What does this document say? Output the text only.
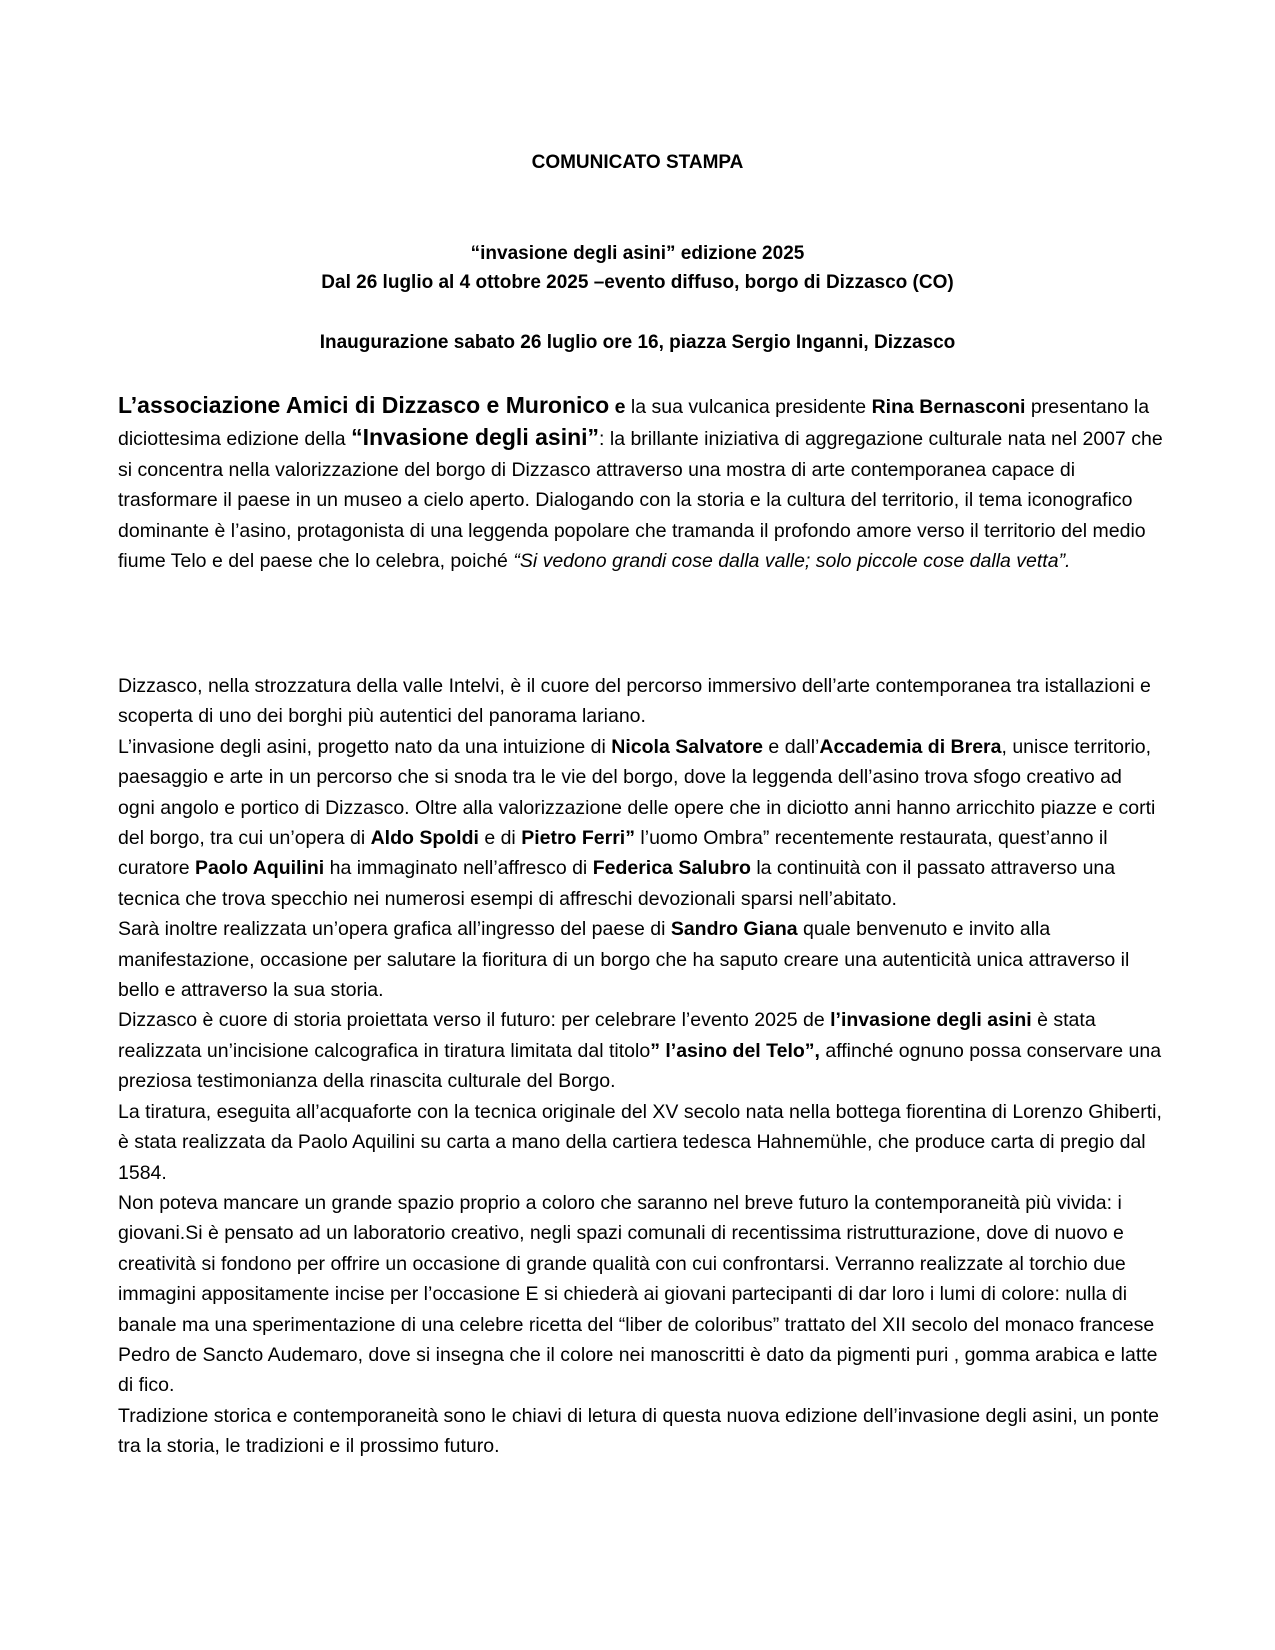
COMUNICATO STAMPA
“invasione degli asini” edizione 2025
Dal 26 luglio al 4 ottobre 2025 –evento diffuso, borgo di Dizzasco (CO)
Inaugurazione sabato 26 luglio ore 16, piazza Sergio Inganni, Dizzasco

L’associazione Amici di Dizzasco e Muronico e la sua vulcanica presidente Rina Bernasconi presentano la diciottesima edizione della “Invasione degli asini”: la brillante iniziativa di aggregazione culturale nata nel 2007 che si concentra nella valorizzazione del borgo di Dizzasco attraverso una mostra di arte contemporanea capace di trasformare il paese in un museo a cielo aperto. Dialogando con la storia e la cultura del territorio, il tema iconografico dominante è l’asino, protagonista di una leggenda popolare che tramanda il profondo amore verso il territorio del medio fiume Telo e del paese che lo celebra, poiché “Si vedono grandi cose dalla valle; solo piccole cose dalla vetta”.

Dizzasco, nella strozzatura della valle Intelvi, è il cuore del percorso immersivo dell’arte contemporanea tra istallazioni e scoperta di uno dei borghi più autentici del panorama lariano.

L’invasione degli asini, progetto nato da una intuizione di Nicola Salvatore e dall’Accademia di Brera, unisce territorio, paesaggio e arte in un percorso che si snoda tra le vie del borgo, dove la leggenda dell’asino trova sfogo creativo ad ogni angolo e portico di Dizzasco. Oltre alla valorizzazione delle opere che in diciotto anni hanno arricchito piazze e corti del borgo, tra cui un’opera di Aldo Spoldi e di Pietro Ferri” l’uomo Ombra” recentemente restaurata, quest’anno il curatore Paolo Aquilini ha immaginato nell’affresco di Federica Salubro la continuità con il passato attraverso una tecnica che trova specchio nei numerosi esempi di affreschi devozionali sparsi nell’abitato.

Sarà inoltre realizzata un’opera grafica all’ingresso del paese di Sandro Giana quale benvenuto e invito alla manifestazione, occasione per salutare la fioritura di un borgo che ha saputo creare una autenticità unica attraverso il bello e attraverso la sua storia.

Dizzasco è cuore di storia proiettata verso il futuro: per celebrare l’evento 2025 de l’invasione degli asini è stata realizzata un’incisione calcografica in tiratura limitata dal titolo” l’asino del Telo”, affinché ognuno possa conservare una preziosa testimonianza della rinascita culturale del Borgo.

La tiratura, eseguita all’acquaforte con la tecnica originale del XV secolo nata nella bottega fiorentina di Lorenzo Ghiberti, è stata realizzata da Paolo Aquilini su carta a mano della cartiera tedesca Hahnemühle, che produce carta di pregio dal 1584.

Non poteva mancare un grande spazio proprio a coloro che saranno nel breve futuro la contemporaneità più vivida: i giovani.Si è pensato ad un laboratorio creativo, negli spazi comunali di recentissima ristrutturazione, dove di nuovo e creatività si fondono per offrire un occasione di grande qualità con cui confrontarsi. Verranno realizzate al torchio due immagini appositamente incise per l’occasione E si chiederà ai giovani partecipanti di dar loro i lumi di colore: nulla di banale ma una sperimentazione di una celebre ricetta del “liber de coloribus” trattato del XII secolo del monaco francese Pedro de Sancto Audemaro, dove si insegna che il colore nei manoscritti è dato da pigmenti puri , gomma arabica e latte di fico.

Tradizione storica e contemporaneità sono le chiavi di letura di questa nuova edizione dell’invasione degli asini, un ponte tra la storia, le tradizioni e il prossimo futuro.
